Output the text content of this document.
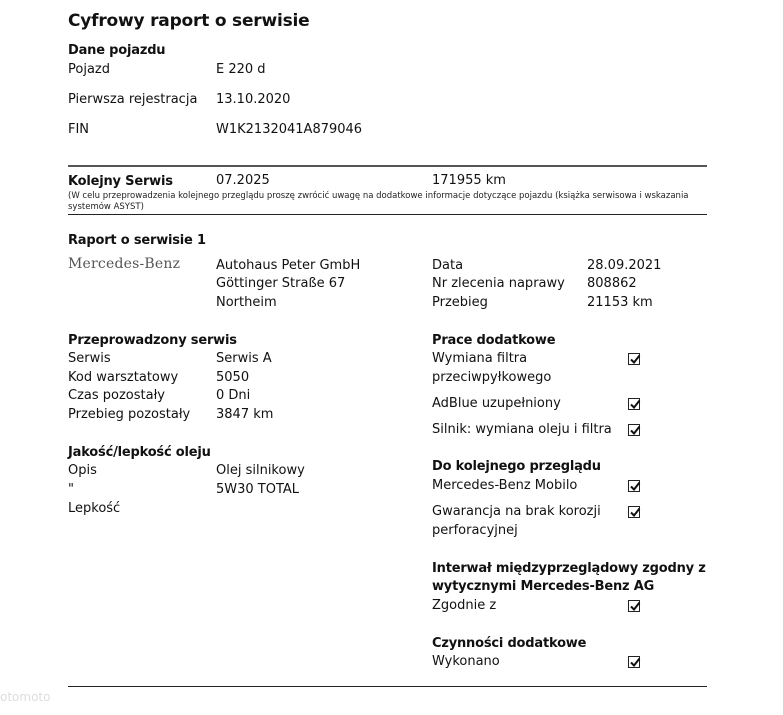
Cyfrowy raport o serwisie
Dane pojazdu
Pojazd	E 220 d
Pierwsza rejestracja 13.10.2020
FIN	W1K2132041A879046
Kolejny Serwis	07.2025	171955 km
(W celu przeprowadzenia kolejnego przeglądu proszę zwrócić uwagę na dodatkowe informacje dotyczące pojazdu (książka serwisowa i wskazania systemów ASYST)
Raport o serwisie 1
Mercedes-Benz	Autohaus Peter GmbH
Göttinger Straße 67
Northeim
Data	28.09.2021
Nr zlecenia naprawy 808862
Przebieg	21153 km
Przeprowadzony serwis
Serwis	Serwis A
Kod warsztatowy	5050
Czas pozostały	0 Dni
Przebieg pozostały 3847 km
Jakość/lepkość oleju
Opis	Olej silnikowy
"	5W30 TOTAL
Lepkość
Prace dodatkowe
Wymiana filtra
przeciwpyłkowego
AdBlue uzupełniony
Silnik: wymiana oleju i filtra
Do kolejnego przeglądu
Mercedes-Benz Mobilo
Gwarancja na brak korozji
perforacyjnej
Interwał międzyprzeglądowy zgodny z
wytycznymi Mercedes-Benz AG
Zgodnie z
Czynności dodatkowe
Wykonano
otomoto
